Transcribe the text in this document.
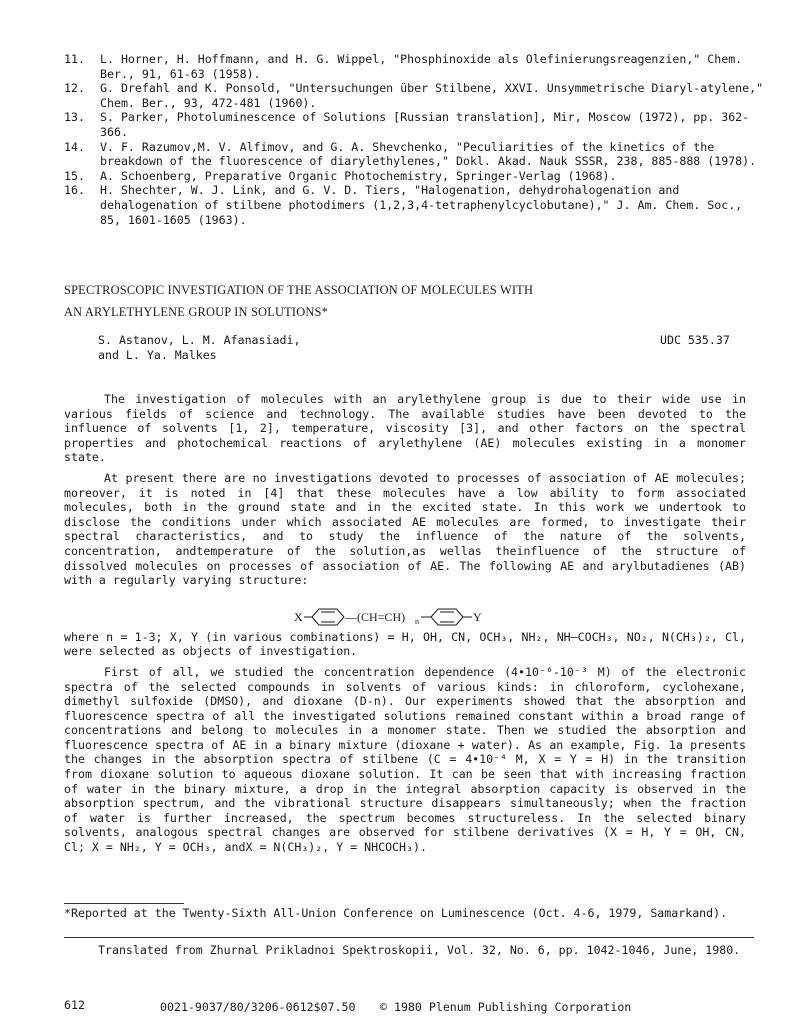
11.	L. Horner, H. Hoffmann, and H. G. Wippel, "Phosphinoxide als Olefinierungsreagenzien," Chem. Ber., 91, 61-63 (1958).
12.	G. Drefahl and K. Ponsold, "Untersuchungen über Stilbene, XXVI. Unsymmetrische Diaryl-atylene," Chem. Ber., 93, 472-481 (1960).
13.	S. Parker, Photoluminescence of Solutions [Russian translation], Mir, Moscow (1972), pp. 362-366.
14.	V. F. Razumov,M. V. Alfimov, and G. A. Shevchenko, "Peculiarities of the kinetics of the breakdown of the fluorescence of diarylethylenes," Dokl. Akad. Nauk SSSR, 238, 885-888 (1978).
15.	A. Schoenberg, Preparative Organic Photochemistry, Springer-Verlag (1968).
16.	H. Shechter, W. J. Link, and G. V. D. Tiers, "Halogenation, dehydrohalogenation and dehalogenation of stilbene photodimers (1,2,3,4-tetraphenylcyclobutane)," J. Am. Chem. Soc., 85, 1601-1605 (1963).
SPECTROSCOPIC INVESTIGATION OF THE ASSOCIATION OF MOLECULES WITH
AN ARYLETHYLENE GROUP IN SOLUTIONS*
S. Astanov, L. M. Afanasiadi,
and L. Ya. Malkes
UDC 535.37

The investigation of molecules with an arylethylene group is due to their wide use in various fields of science and technology. The available studies have been devoted to the influence of solvents [1, 2], temperature, viscosity [3], and other factors on the spectral properties and photochemical reactions of arylethylene (AE) molecules existing in a monomer state.

At present there are no investigations devoted to processes of association of AE molecules; moreover, it is noted in [4] that these molecules have a low ability to form associated molecules, both in the ground state and in the excited state. In this work we undertook to disclose the conditions under which associated AE molecules are formed, to investigate their spectral characteristics, and to study the influence of the nature of the solvents, concentration, andtemperature of the solution,as wellas theinfluence of the structure of dissolved molecules on processes of association of AE. The following AE and arylbutadienes (AB) with a regularly varying structure:

where n = 1-3; X, Y (in various combinations) = H, OH, CN, OCH₃, NH₂, NH—COCH₃, NO₂, N(CH₃)₂, Cl, were selected as objects of investigation.

First of all, we studied the concentration dependence (4•10⁻⁶-10⁻³ M) of the electronic spectra of the selected compounds in solvents of various kinds: in chloroform, cyclohexane, dimethyl sulfoxide (DMSO), and dioxane (D-n). Our experiments showed that the absorption and fluorescence spectra of all the investigated solutions remained constant within a broad range of concentrations and belong to molecules in a monomer state. Then we studied the absorption and fluorescence spectra of AE in a binary mixture (dioxane + water). As an example, Fig. 1a presents the changes in the absorption spectra of stilbene (C = 4•10⁻⁴ M, X = Y = H) in the transition from dioxane solution to aqueous dioxane solution. It can be seen that with increasing fraction of water in the binary mixture, a drop in the integral absorption capacity is observed in the absorption spectrum, and the vibrational structure disappears simultaneously; when the fraction of water is further increased, the spectrum becomes structureless. In the selected binary solvents, analogous spectral changes are observed for stilbene derivatives (X = H, Y = OH, CN, Cl; X = NH₂, Y = OCH₃, andX = N(CH₃)₂, Y = NHCOCH₃).

X	—(CH=CH) n	Y
*Reported at the Twenty-Sixth All-Union Conference on Luminescence (Oct. 4-6, 1979, Samarkand).
Translated from Zhurnal Prikladnoi Spektroskopii, Vol. 32, No. 6, pp. 1042-1046, June, 1980.
612	0021-9037/80/3206-0612$07.50 © 1980 Plenum Publishing Corporation
